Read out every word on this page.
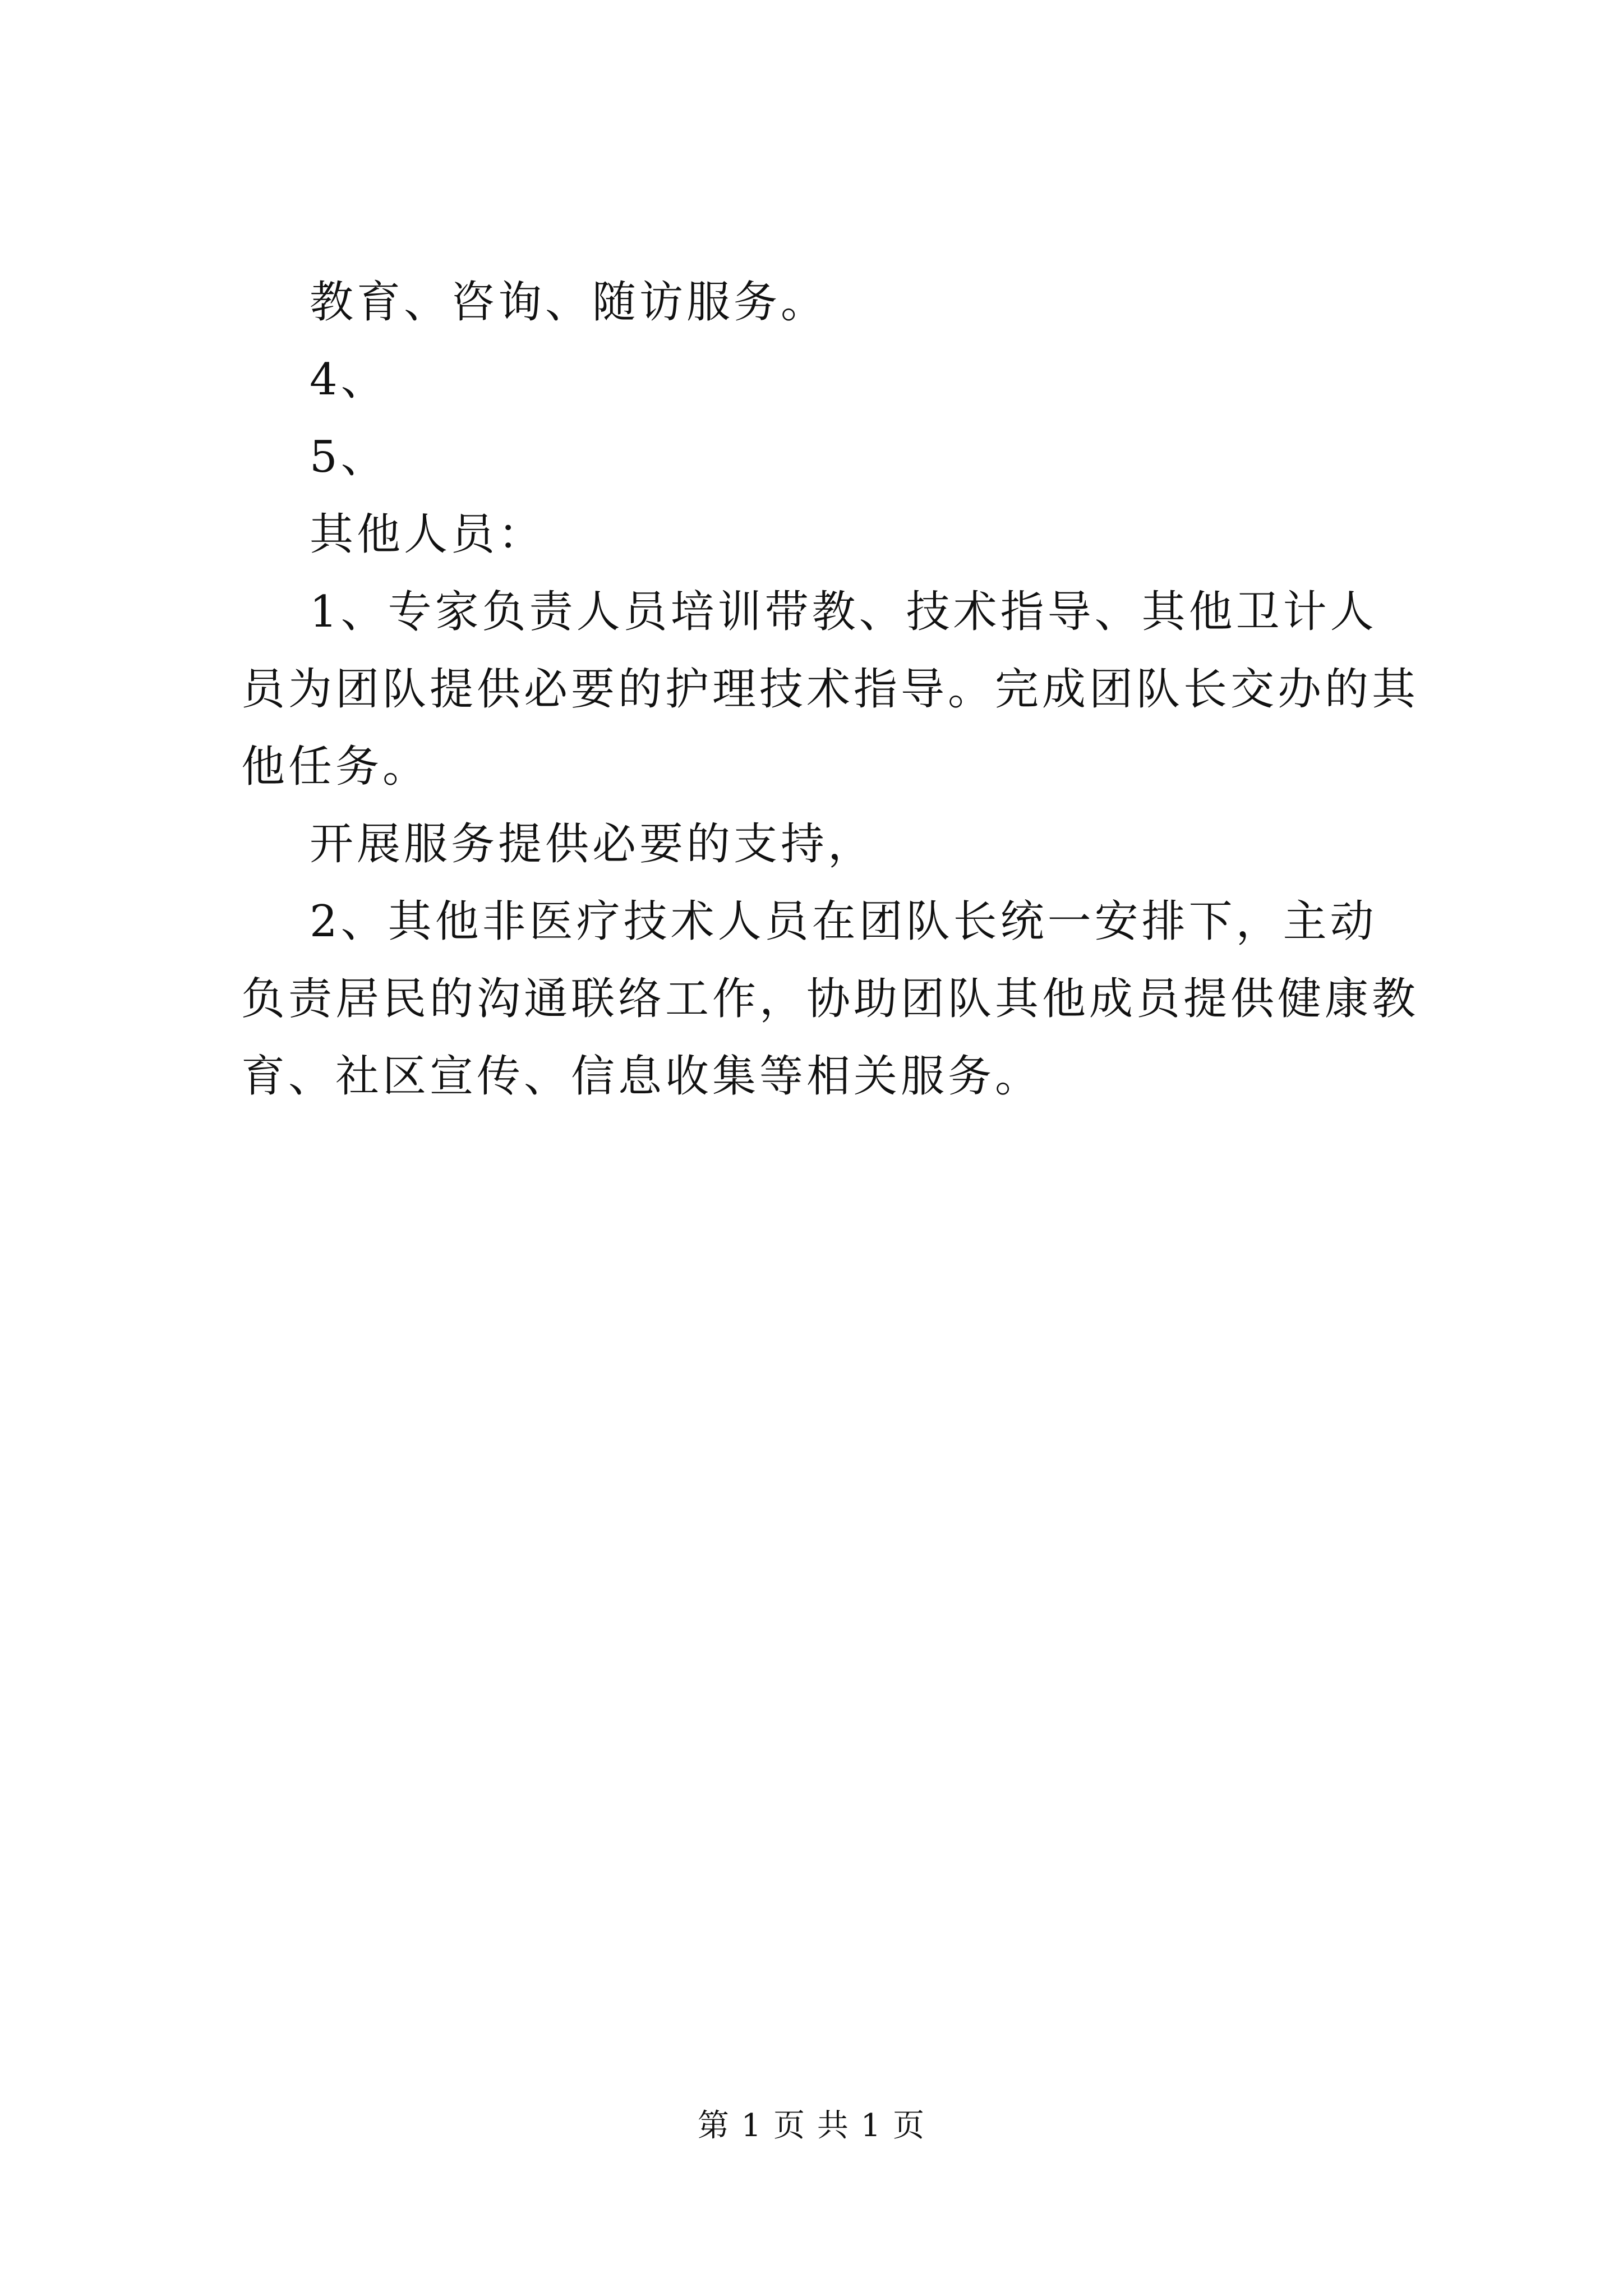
教育、咨询、随访服务。

4、

5、

其他人员：

1、专家负责人员培训带教、技术指导、其他卫计人员为团队提供必要的护理技术指导。完成团队长交办的其他任务。

开展服务提供必要的支持，

2、其他非医疗技术人员在团队长统一安排下，主动负责居民的沟通联络工作，协助团队其他成员提供健康教育、社区宣传、信息收集等相关服务。

第 1 页 共 1 页
